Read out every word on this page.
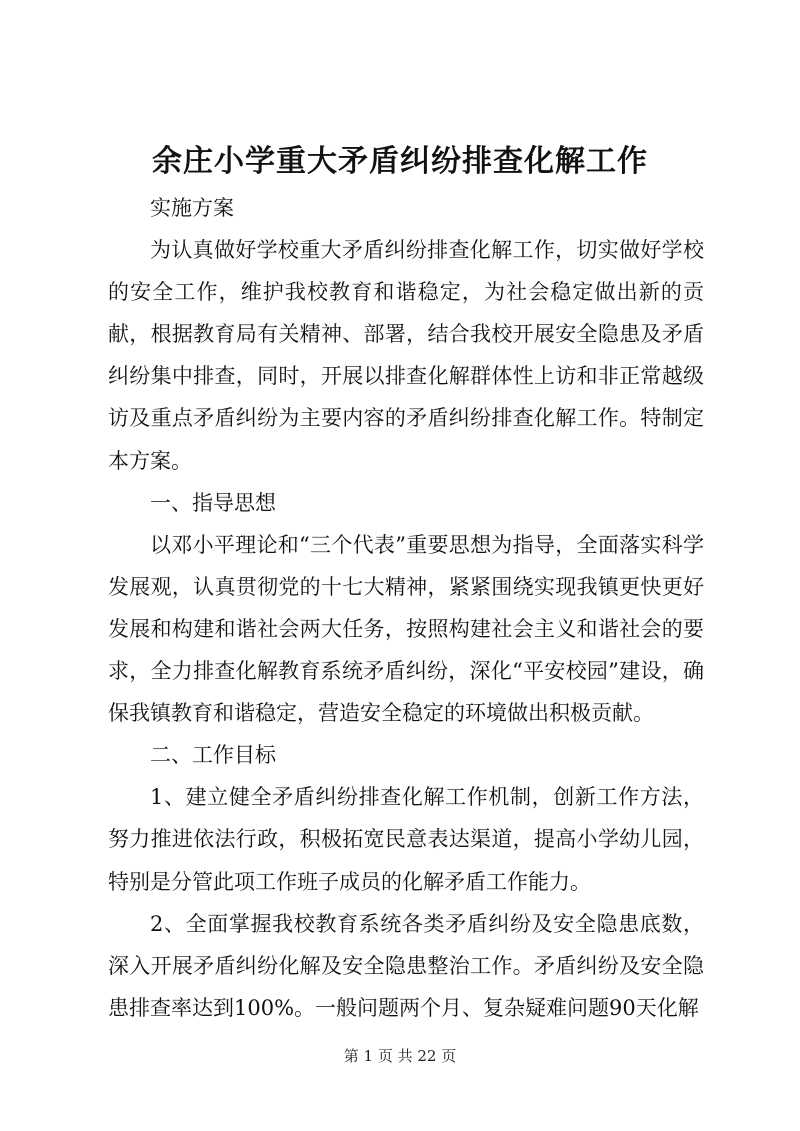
余庄小学重大矛盾纠纷排查化解工作

实施方案

为认真做好学校重大矛盾纠纷排查化解工作，切实做好学校的安全工作，维护我校教育和谐稳定，为社会稳定做出新的贡献，根据教育局有关精神、部署，结合我校开展安全隐患及矛盾纠纷集中排查，同时，开展以排查化解群体性上访和非正常越级访及重点矛盾纠纷为主要内容的矛盾纠纷排查化解工作。特制定本方案。

一、指导思想

以邓小平理论和“三个代表”重要思想为指导，全面落实科学发展观，认真贯彻党的十七大精神，紧紧围绕实现我镇更快更好发展和构建和谐社会两大任务，按照构建社会主义和谐社会的要求，全力排查化解教育系统矛盾纠纷，深化“平安校园”建设，确保我镇教育和谐稳定，营造安全稳定的环境做出积极贡献。

二、工作目标

1、建立健全矛盾纠纷排查化解工作机制，创新工作方法，努力推进依法行政，积极拓宽民意表达渠道，提高小学幼儿园，特别是分管此项工作班子成员的化解矛盾工作能力。

2、全面掌握我校教育系统各类矛盾纠纷及安全隐患底数，深入开展矛盾纠纷化解及安全隐患整治工作。矛盾纠纷及安全隐患排查率达到100%。一般问题两个月、复杂疑难问题90天化解

第 1 页 共 22 页
